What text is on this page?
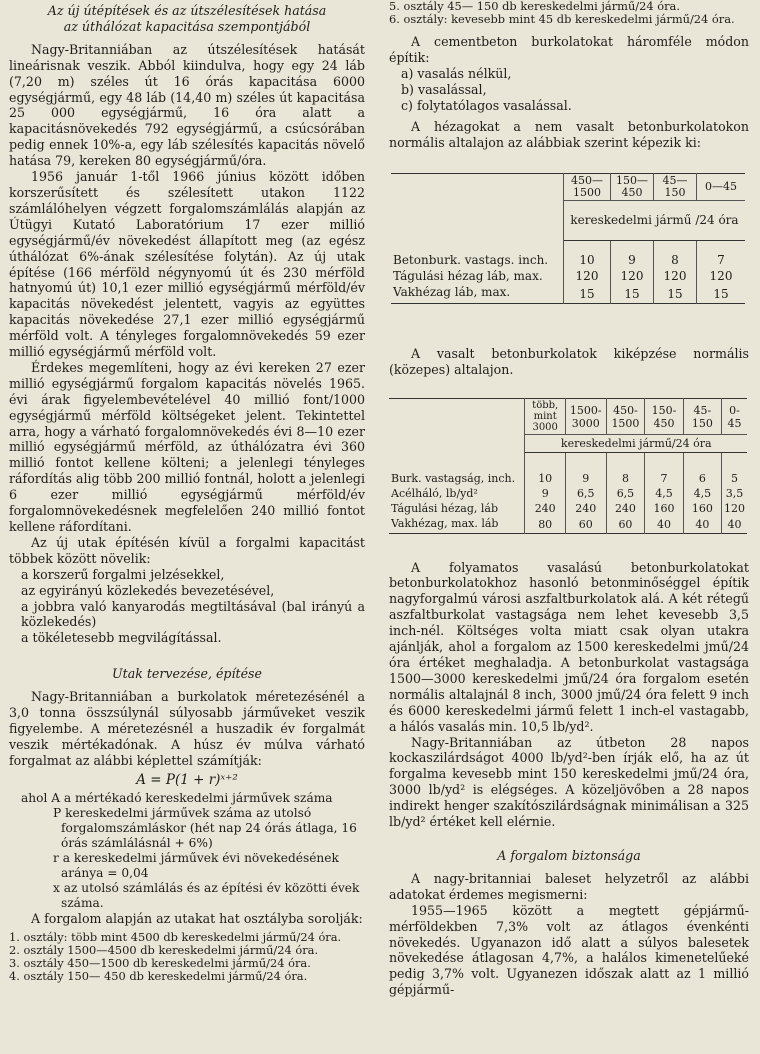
Az új útépítések és az útszélesítések hatása

az úthálózat kapacitása szempontjából

Nagy-Britanniában az útszélesítések hatását lineárisnak veszik. Abból kiindulva, hogy egy 24 láb (7,20 m) széles út 16 órás kapacitása 6000 egységjármű, egy 48 láb (14,40 m) széles út kapacitása 25 000 egységjármű, 16 óra alatt a kapacitásnövekedés 792 egységjármű, a csúcsórában pedig ennek 10%-a, egy láb szélesítés kapacitás növelő hatása 79, kereken 80 egységjármű/óra.

1956 január 1-től 1966 június között időben korszerűsített és szélesített utakon 1122 számlálóhelyen végzett forgalomszámlálás alapján az Útügyi Kutató Laboratórium 17 ezer millió egységjármű/év növekedést állapított meg (az egész úthálózat 6%-ának szélesítése folytán). Az új utak építése (166 mérföld négynyomú út és 230 mérföld hatnyomú út) 10,1 ezer millió egységjármű mérföld/év kapacitás növekedést jelentett, vagyis az együttes kapacitás növekedése 27,1 ezer millió egységjármű mérföld volt. A tényleges forgalomnövekedés 59 ezer millió egységjármű mérföld volt.

Érdekes megemlíteni, hogy az évi kereken 27 ezer millió egységjármű forgalom kapacitás növelés 1965. évi árak figyelembevételével 40 millió font/1000 egységjármű mérföld költségeket jelent. Tekintettel arra, hogy a várható forgalomnövekedés évi 8—10 ezer millió egységjármű mérföld, az úthálózatra évi 360 millió fontot kellene költeni; a jelenlegi tényleges ráfordítás alig több 200 millió fontnál, holott a jelenlegi 6 ezer millió egységjármű mérföld/év forgalomnövekedésnek megfelelően 240 millió fontot kellene ráfordítani.

Az új utak építésén kívül a forgalmi kapacitást többek között növelik:

a korszerű forgalmi jelzésekkel,

az egyirányú közlekedés bevezetésével,

a jobbra való kanyarodás megtiltásával (bal irányú a közlekedés)

a tökéletesebb megvilágítással.

Utak tervezése, építése

Nagy-Britanniában a burkolatok méretezésénél a 3,0 tonna összsúlynál súlyosabb járműveket veszik figyelembe. A méretezésnél a huszadik év forgalmát veszik mértékadónak. A húsz év múlva várható forgalmat az alábbi képlettel számítják:

A = P(1 + r)ˣ⁺²

ahol A a mértékadó kereskedelmi járművek száma

P kereskedelmi járművek száma az utolsó forgalomszámláskor (hét nap 24 órás átlaga, 16 órás számlálásnál + 6%)

r a kereskedelmi járművek évi növekedésének aránya = 0,04

x az utolsó számlálás és az építési év közötti évek száma.

A forgalom alapján az utakat hat osztályba sorolják:

1. osztály: több mint 4500 db kereskedelmi jármű/24 óra.

2. osztály 1500—4500 db kereskedelmi jármű/24 óra.

3. osztály 450—1500 db kereskedelmi jármű/24 óra.

4. osztály 150— 450 db kereskedelmi jármű/24 óra.

5. osztály 45— 150 db kereskedelmi jármű/24 óra.

6. osztály: kevesebb mint 45 db kereskedelmi jármű/24 óra.

A cementbeton burkolatokat háromféle módon építik:

a) vasalás nélkül,

b) vasalással,

c) folytatólagos vasalással.

A hézagokat a nem vasalt betonburkolatokon normális altalajon az alábbiak szerint képezik ki:

	450—1500	150—450	45—150	0—45
	kereskedelmi jármű /24 óra			

Betonburk. vastags. inch.	10	9	8	7
Tágulási hézag láb, max.	120	120	120	120
Vakhézag láb, max.	15	15	15	15

A vasalt betonburkolatok kiképzése normális (közepes) altalajon.

	több, mint 3000	1500-3000	450-1500	150-450	45-150	0-45
	kereskedelmi jármű/24 óra					

Burk. vastagság, inch.	10	9	8	7	6	5
Acélháló, lb/yd²	9	6,5	6,5	4,5	4,5	3,5
Tágulási hézag, láb	240	240	240	160	160	120
Vakhézag, max. láb	80	60	60	40	40	40

A folyamatos vasalású betonburkolatokat betonburkolatokhoz hasonló betonminőséggel építik nagyforgalmú városi aszfaltburkolatok alá. A két rétegű aszfaltburkolat vastagsága nem lehet kevesebb 3,5 inch-nél. Költséges volta miatt csak olyan utakra ajánlják, ahol a forgalom az 1500 kereskedelmi jmű/24 óra értéket meghaladja. A betonburkolat vastagsága 1500—3000 kereskedelmi jmű/24 óra forgalom esetén normális altalajnál 8 inch, 3000 jmű/24 óra felett 9 inch és 6000 kereskedelmi jármű felett 1 inch-el vastagabb, a hálós vasalás min. 10,5 lb/yd².

Nagy-Britanniában az útbeton 28 napos kockaszilárdságot 4000 lb/yd²-ben írják elő, ha az út forgalma kevesebb mint 150 kereskedelmi jmű/24 óra, 3000 lb/yd² is elégséges. A közeljövőben a 28 napos indirekt henger szakítószilárdságnak minimálisan a 325 lb/yd² értéket kell elérnie.

A forgalom biztonsága

A nagy-britanniai baleset helyzetről az alábbi adatokat érdemes megismerni:

1955—1965 között a megtett gépjármű-mérföldekben 7,3% volt az átlagos évenkénti növekedés. Ugyanazon idő alatt a súlyos balesetek növekedése átlagosan 4,7%, a halálos kimenetelűeké pedig 3,7% volt. Ugyanezen időszak alatt az 1 millió gépjármű-
